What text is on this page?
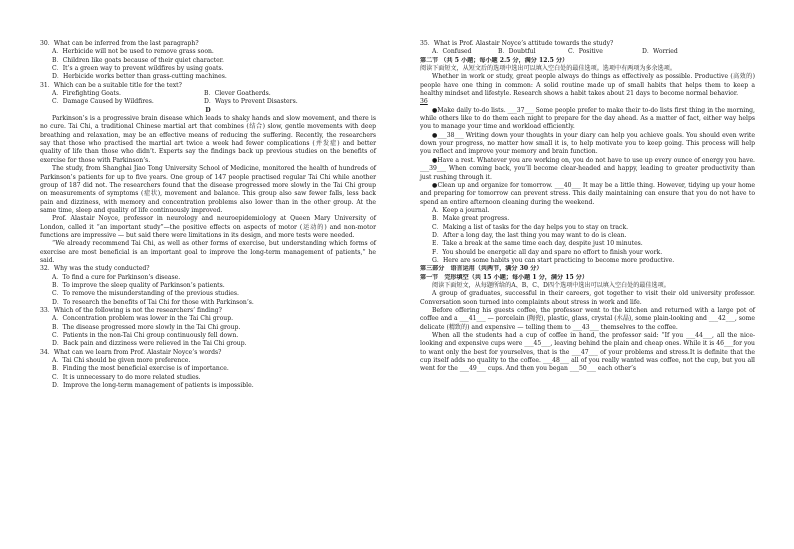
30．What can be inferred from the last paragraph?
A．Herbicide will not be used to remove grass soon.
B．Children like goats because of their quiet character.
C．It’s a green way to prevent wildfires by using goats.
D．Herbicide works better than grass-cutting machines.
31．Which can be a suitable title for the text?
A．Firefighting Goats.	B．Clever Goatherds.
C．Damage Caused by Wildfires.	D．Ways to Prevent Disasters.
D
Parkinson’s is a progressive brain disease which leads to shaky hands and slow movement, and there is no cure. Tai Chi, a traditional Chinese martial art that combines (结合) slow, gentle movements with deep breathing and relaxation, may be an effective means of reducing the suffering. Recently, the researchers say that those who practised the martial art twice a week had fewer complications (并发症) and better quality of life than those who didn’t. Experts say the findings back up previous studies on the benefits of exercise for those with Parkinson’s.
The study, from Shanghai Jiao Tong University School of Medicine, monitored the health of hundreds of Parkinson’s patients for up to five years. One group of 147 people practised regular Tai Chi while another group of 187 did not. The researchers found that the disease progressed more slowly in the Tai Chi group on measurements of symptoms (症状), movement and balance. This group also saw fewer falls, less back pain and dizziness, with memory and concentration problems also lower than in the other group. At the same time, sleep and quality of life continuously improved.
Prof. Alastair Noyce, professor in neurology and neuroepidemiology at Queen Mary University of London, called it “an important study”—the positive effects on aspects of motor (运动的) and non-motor functions are impressive — but said there were limitations in its design, and more tests were needed.
“We already recommend Tai Chi, as well as other forms of exercise, but understanding which forms of exercise are most beneficial is an important goal to improve the long-term management of patients,” he said.
32．Why was the study conducted?
A．To find a cure for Parkinson’s disease.
B．To improve the sleep quality of Parkinson’s patients.
C．To remove the misunderstanding of the previous studies.
D．To research the benefits of Tai Chi for those with Parkinson’s.
33．Which of the following is not the researchers’ finding?
A．Concentration problem was lower in the Tai Chi group.
B．The disease progressed more slowly in the Tai Chi group.
C．Patients in the non-Tai Chi group continuously fell down.
D．Back pain and dizziness were relieved in the Tai Chi group.
34．What can we learn from Prof. Alastair Noyce’s words?
A．Tai Chi should be given more preference.
B．Finding the most beneficial exercise is of importance.
C．It is unnecessary to do more related studies.
D．Improve the long-term management of patients is impossible.
35．What is Prof. Alastair Noyce’s attitude towards the study?
A．Confused	B．Doubtful	C．Positive	D．Worried
第二节 （共 5 小题；每小题 2.5 分，满分 12.5 分）
阅读下面短文，从短文后的选项中选出可以填入空白处的最佳选项。选项中有两项为多余选项。
Whether in work or study, great people always do things as effectively as possible. Productive (高效的) people have one thing in common: A solid routine made up of small habits that helps them to keep a healthy mindset and lifestyle. Research shows a habit takes about 21 days to become normal behavior.
36
●Make daily to-do lists. ___37___ Some people prefer to make their to-do lists first thing in the morning, while others like to do them each night to prepare for the day ahead. As a matter of fact, either way helps you to manage your time and workload efficiently.
●___38___ Writing down your thoughts in your diary can help you achieve goals. You should even write down your progress, no matter how small it is, to help motivate you to keep going. This process will help you reflect and improve your memory and brain function.
●Have a rest. Whatever you are working on, you do not have to use up every ounce of energy you have. ___39___ When coming back, you’ll become clear-headed and happy, leading to greater productivity than just rushing through it.
●Clean up and organize for tomorrow. ___40___ It may be a little thing. However, tidying up your home and preparing for tomorrow can prevent stress. This daily maintaining can ensure that you do not have to spend an entire afternoon cleaning during the weekend.
A．Keep a journal.
B．Make great progress.
C．Making a list of tasks for the day helps you to stay on track.
D．After a long day, the last thing you may want to do is clean.
E．Take a break at the same time each day, despite just 10 minutes.
F．You should be energetic all day and spare no effort to finish your work.
G．Here are some habits you can start practicing to become more productive.
第三部分　语言运用（共两节，满分 30 分）
第一节　完形填空（共 15 小题；每小题 1 分，满分 15 分）
阅读下面短文，从每题所给的A、B、C、D四个选项中选出可以填入空白处的最佳选项。
A group of graduates, successful in their careers, got together to visit their old university professor. Conversation soon turned into complaints about stress in work and life.
Before offering his guests coffee, the professor went to the kitchen and returned with a large pot of coffee and a ___41___ — porcelain (陶瓷), plastic, glass, crystal (水晶), some plain-looking and ___42___, some delicate (精致的) and expensive — telling them to ___43___ themselves to the coffee.
When all the students had a cup of coffee in hand, the professor said: “If you ___44___, all the nice-looking and expensive cups were ___45___, leaving behind the plain and cheap ones. While it is 46___for you to want only the best for yourselves, that is the ___47___ of your problems and stress.It is definite that the cup itself adds no quality to the coffee. ___48___ all of you really wanted was coffee, not the cup, but you all went for the ___49___ cups. And then you began ___50___ each other’s
